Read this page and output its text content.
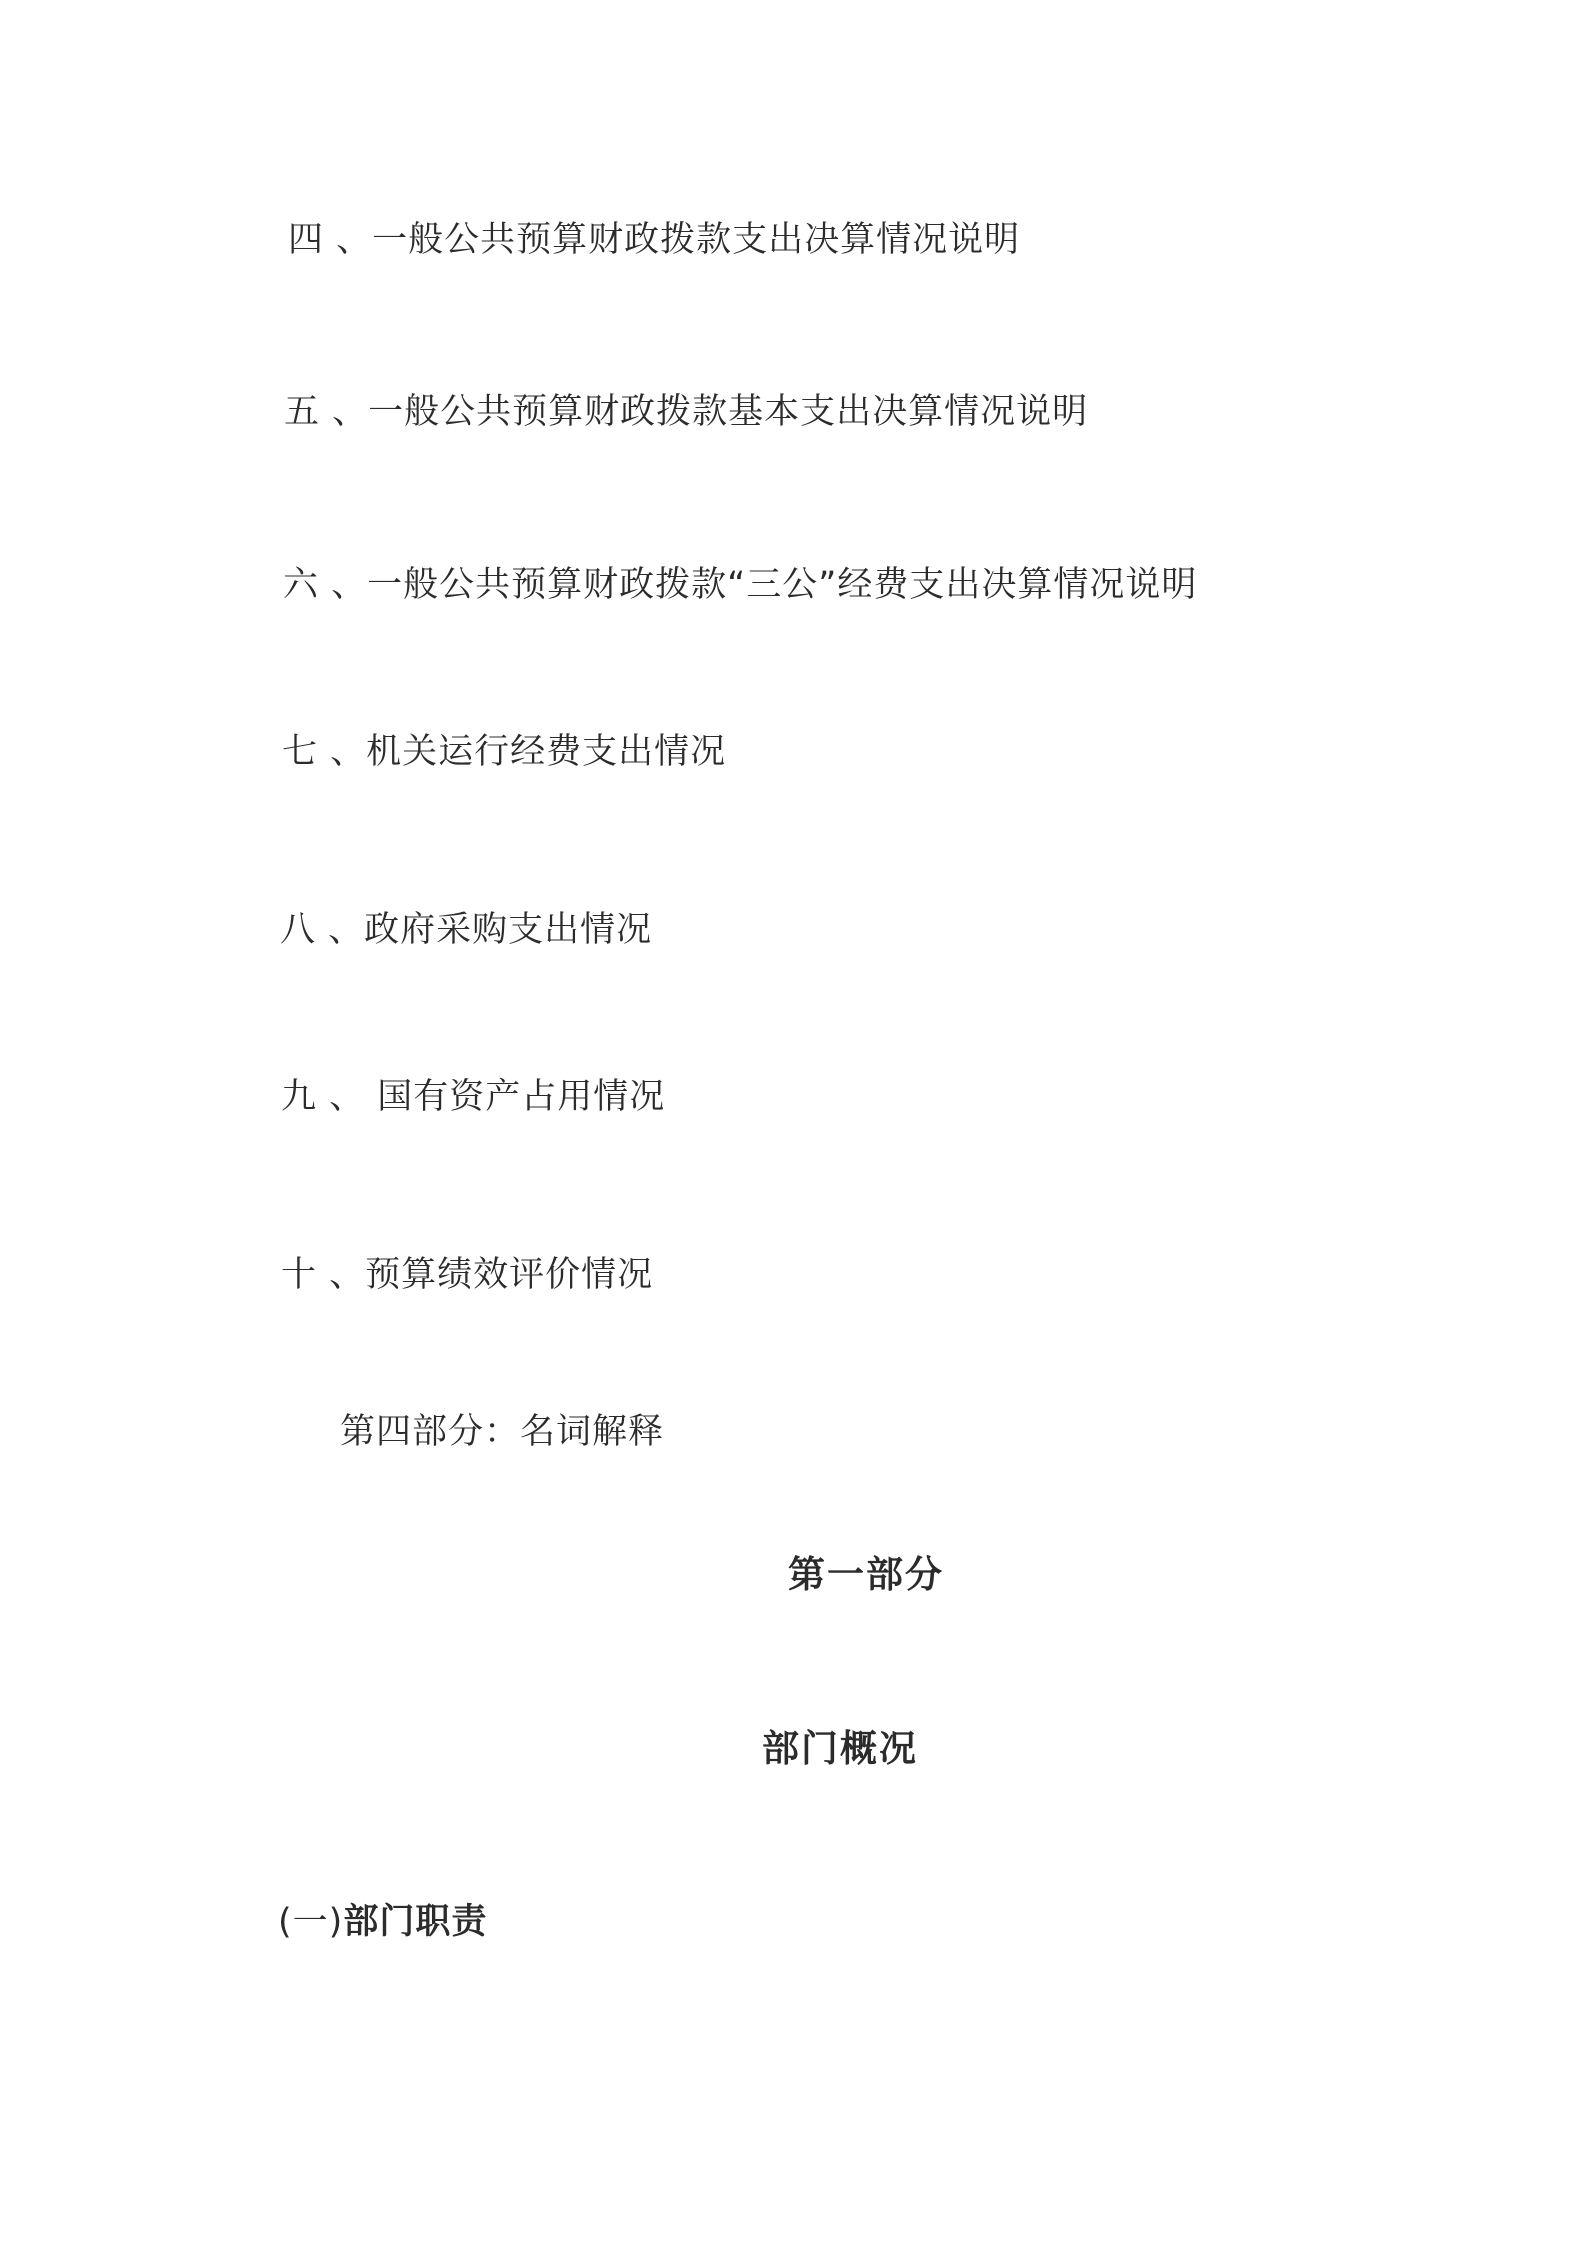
四 、一般公共预算财政拨款支出决算情况说明
五 、一般公共预算财政拨款基本支出决算情况说明
六 、一般公共预算财政拨款“三公”经费支出决算情况说明
七 、机关运行经费支出情况
八 、政府采购支出情况
九 、 国有资产占用情况
十 、预算绩效评价情况
第四部分：名词解释
第一部分
部门概况
(一)部门职责
